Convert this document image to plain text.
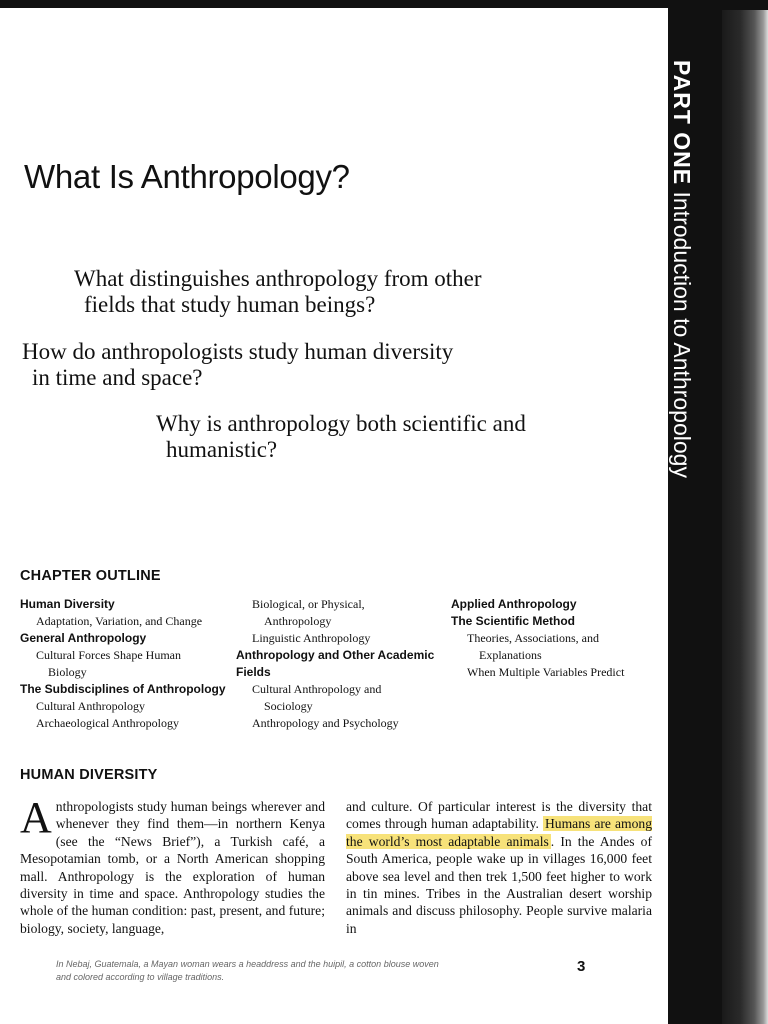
PART ONE Introduction to Anthropology
What Is Anthropology?
What distinguishes anthropology from other
fields that study human beings?
How do anthropologists study human diversity
in time and space?
Why is anthropology both scientific and
humanistic?
CHAPTER OUTLINE
Human Diversity
Adaptation, Variation, and Change
General Anthropology
Cultural Forces Shape Human
Biology
The Subdisciplines of Anthropology
Cultural Anthropology
Archaeological Anthropology
Biological, or Physical,
Anthropology
Linguistic Anthropology
Anthropology and Other Academic
Fields
Cultural Anthropology and
Sociology
Anthropology and Psychology
Applied Anthropology
The Scientific Method
Theories, Associations, and
Explanations
When Multiple Variables Predict
HUMAN DIVERSITY
Anthropologists study human beings wherever and whenever they find them—in northern Kenya (see the “News Brief”), a Turkish café, a Mesopotamian tomb, or a North American shopping mall. Anthropology is the exploration of human diversity in time and space. Anthropology studies the whole of the human condition: past, present, and future; biology, society, language,
and culture. Of particular interest is the diversity that comes through human adaptability. Humans are among the world’s most adaptable animals . In the Andes of South America, people wake up in villages 16,000 feet above sea level and then trek 1,500 feet higher to work in tin mines. Tribes in the Australian desert worship animals and discuss philosophy. People survive malaria in
In Nebaj, Guatemala, a Mayan woman wears a headdress and the huipil, a cotton blouse woven
and colored according to village traditions.
3
